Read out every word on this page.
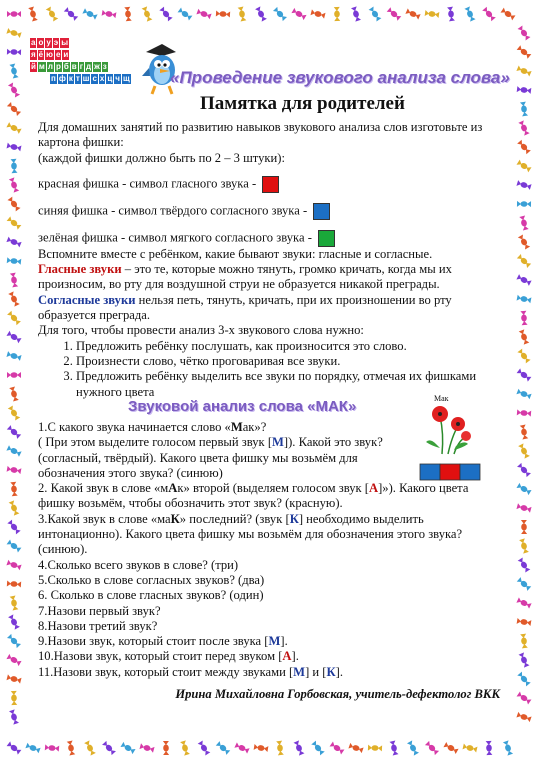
а о у э ы
я ё ю е и
й м л р б в г д ж з
п ф к т ш с х ц ч щ «Проведение звукового анализа слова»
Памятка для родителей

Для домашних занятий по развитию навыков звукового анализа слов изготовьте из картона фишки:

(каждой фишки должно быть по 2 – 3 штуки):

красная фишка - символ гласного звука -

синяя фишка - символ твёрдого согласного звука -

зелёная фишка - символ мягкого согласного звука -

Вспомните вместе с ребёнком, какие бывают звуки: гласные и согласные.

Гласные звуки – это те, которые можно тянуть, громко кричать, когда мы их произносим, во рту для воздушной струи не образуется никакой преграды.

Согласные звуки нельзя петь, тянуть, кричать, при их произношении во рту образуется преграда.

Для того, чтобы провести анализ 3-х звукового слова нужно:

1. Предложить ребёнку послушать, как произносится это слово.
2. Произнести слово, чётко проговаривая все звуки.
3. Предложить ребёнку выделить все звуки по порядку, отмечая их фишками нужного цвета
Звуковой анализ слова «МАК»	Мак

1.С какого звука начинается слово «Мак»?

( При этом выделите голосом первый звук [М]). Какой это звук? (согласный, твёрдый). Какого цвета фишку мы возьмём для обозначения этого звука? (синюю)

2. Какой звук в слове «мАк» второй (выделяем голосом звук [А]»). Какого цвета фишку возьмём, чтобы обозначить этот звук? (красную).

3.Какой звук в слове «маК» последний? (звук [К] необходимо выделить интонационно). Какого цвета фишку мы возьмём для обозначения этого звука? (синюю).

4.Сколько всего звуков в слове? (три)

5.Сколько в слове согласных звуков? (два)

6. Сколько в слове гласных звуков? (один)

7.Назови первый звук?

8.Назови третий звук?

9.Назови звук, который стоит после звука [М].

10.Назови звук, который стоит перед звуком [А].

11.Назови звук, который стоит между звуками [М] и [К].

Ирина Михайловна Горбовская, учитель-дефектолог ВКК
